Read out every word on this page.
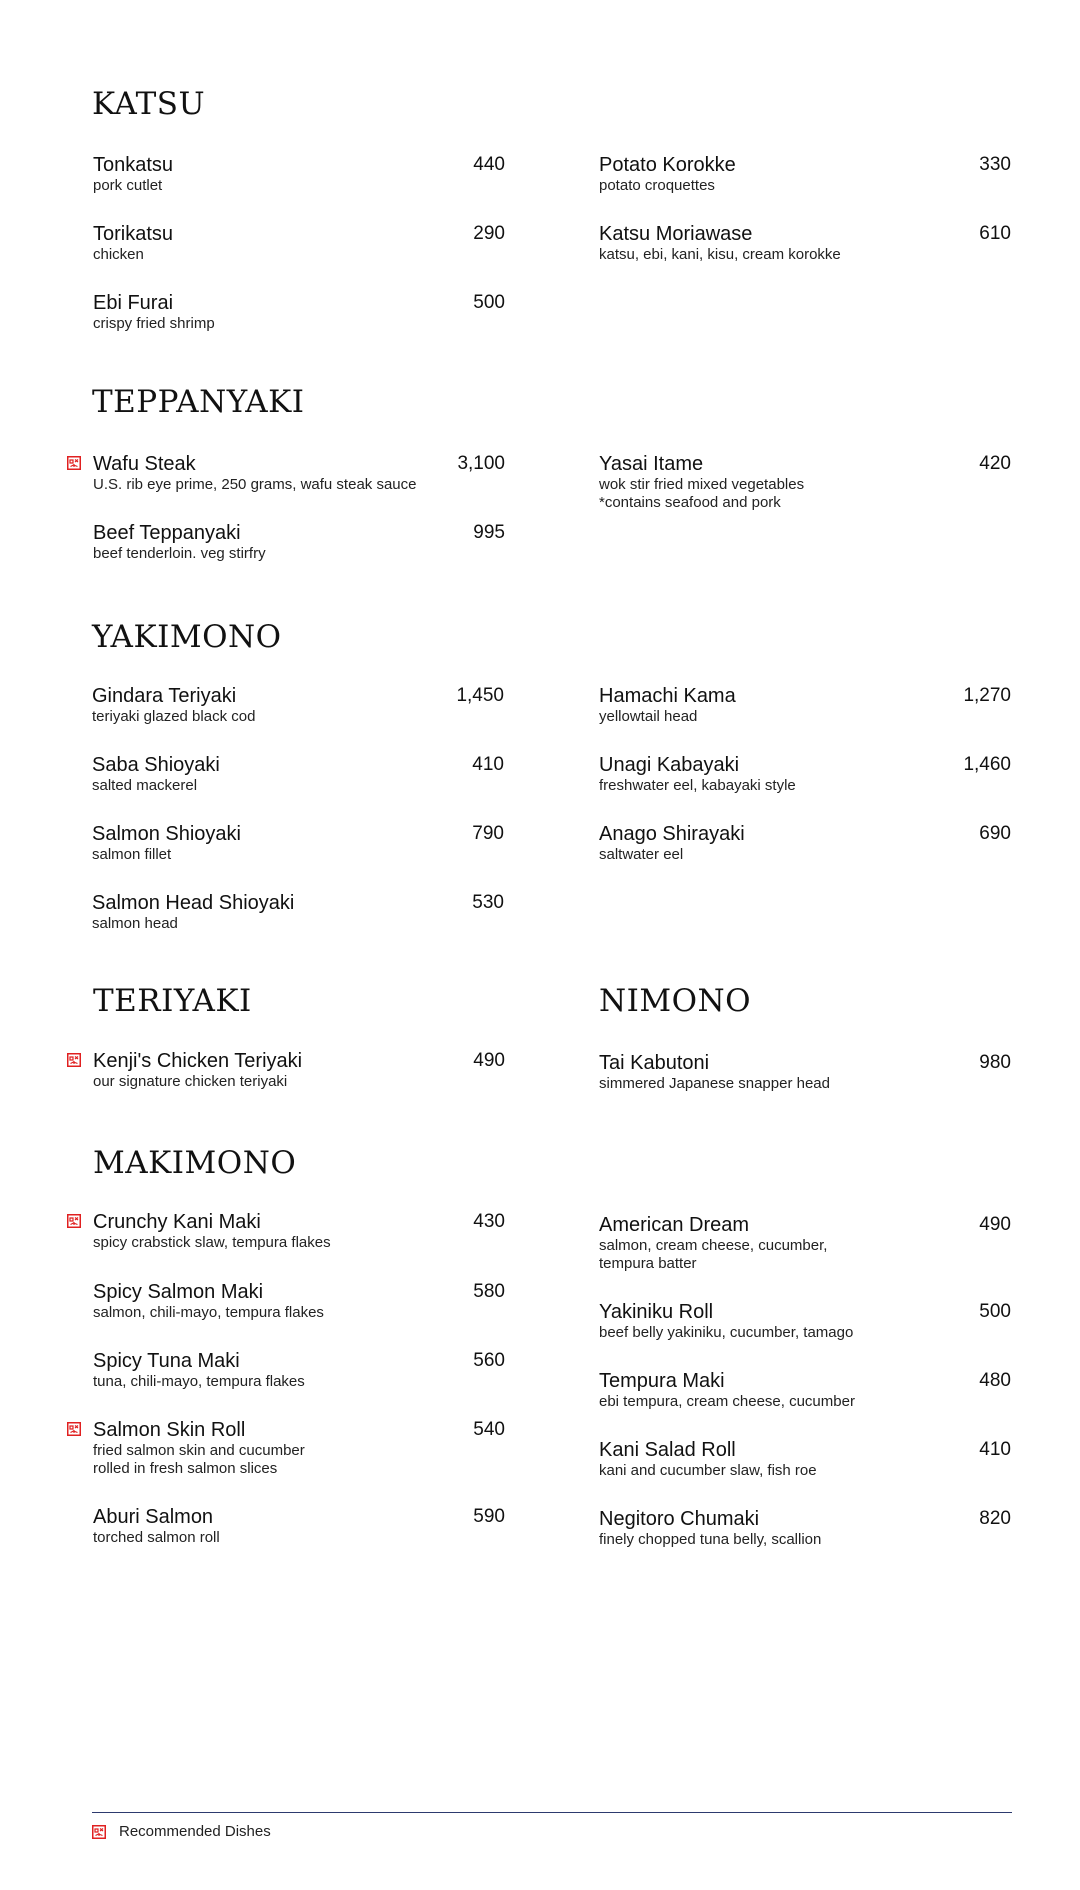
KATSU
Tonkatsu
pork cutlet
440
Torikatsu
chicken
290
Ebi Furai
crispy fried shrimp
500
Potato Korokke
potato croquettes
330
Katsu Moriawase
katsu, ebi, kani, kisu, cream korokke
610
TEPPANYAKI
Wafu Steak
U.S. rib eye prime, 250 grams, wafu steak sauce
3,100
Beef Teppanyaki
beef tenderloin. veg stirfry
995
Yasai Itame
wok stir fried mixed vegetables
*contains seafood and pork
420
YAKIMONO
Gindara Teriyaki
teriyaki glazed black cod
1,450
Saba Shioyaki
salted mackerel
410
Salmon Shioyaki
salmon fillet
790
Salmon Head Shioyaki
salmon head
530
Hamachi Kama
yellowtail head
1,270
Unagi Kabayaki
freshwater eel, kabayaki style
1,460
Anago Shirayaki
saltwater eel
690
TERIYAKI
Kenji's Chicken Teriyaki
our signature chicken teriyaki
490
NIMONO
Tai Kabutoni
simmered Japanese snapper head
980
MAKIMONO
Crunchy Kani Maki
spicy crabstick slaw, tempura flakes
430
Spicy Salmon Maki
salmon, chili-mayo, tempura flakes
580
Spicy Tuna Maki
tuna, chili-mayo, tempura flakes
560
Salmon Skin Roll
fried salmon skin and cucumber
rolled in fresh salmon slices
540
Aburi Salmon
torched salmon roll
590
American Dream
salmon, cream cheese, cucumber,
tempura batter
490
Yakiniku Roll
beef belly yakiniku, cucumber, tamago
500
Tempura Maki
ebi tempura, cream cheese, cucumber
480
Kani Salad Roll
kani and cucumber slaw, fish roe
410
Negitoro Chumaki
finely chopped tuna belly, scallion
820
Recommended Dishes
